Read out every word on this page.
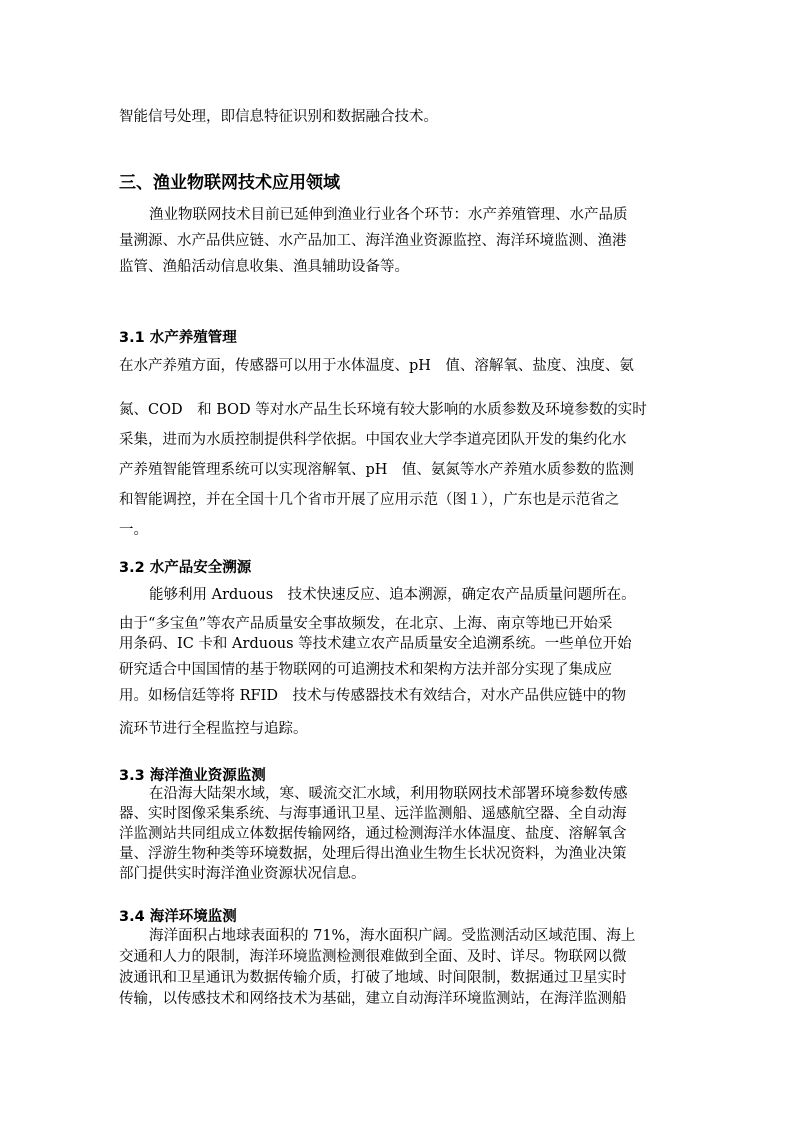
智能信号处理，即信息特征识别和数据融合技术。
三、渔业物联网技术应用领域
渔业物联网技术目前已延伸到渔业行业各个环节：水产养殖管理、水产品质
量溯源、水产品供应链、水产品加工、海洋渔业资源监控、海洋环境监测、渔港
监管、渔船活动信息收集、渔具辅助设备等。
3.1 水产养殖管理
在水产养殖方面，传感器可以用于水体温度、pH　值、溶解氧、盐度、浊度、氨
氮、COD　和 BOD 等对水产品生长环境有较大影响的水质参数及环境参数的实时
采集，进而为水质控制提供科学依据。中国农业大学李道亮团队开发的集约化水
产养殖智能管理系统可以实现溶解氧、pH　值、氨氮等水产养殖水质参数的监测
和智能调控，并在全国十几个省市开展了应用示范（图１），广东也是示范省之
一。
3.2 水产品安全溯源
能够利用 Arduous　技术快速反应、追本溯源，确定农产品质量问题所在。
由于“多宝鱼”等农产品质量安全事故频发，在北京、上海、南京等地已开始采
用条码、IC 卡和 Arduous 等技术建立农产品质量安全追溯系统。一些单位开始
研究适合中国国情的基于物联网的可追溯技术和架构方法并部分实现了集成应
用。如杨信廷等将 RFID　技术与传感器技术有效结合，对水产品供应链中的物
流环节进行全程监控与追踪。
3.3 海洋渔业资源监测
在沿海大陆架水域，寒、暖流交汇水域，利用物联网技术部署环境参数传感
器、实时图像采集系统、与海事通讯卫星、远洋监测船、遥感航空器、全自动海
洋监测站共同组成立体数据传输网络，通过检测海洋水体温度、盐度、溶解氧含
量、浮游生物种类等环境数据，处理后得出渔业生物生长状况资料，为渔业决策
部门提供实时海洋渔业资源状况信息。
3.4 海洋环境监测
海洋面积占地球表面积的 71%，海水面积广阔。受监测活动区域范围、海上
交通和人力的限制，海洋环境监测检测很难做到全面、及时、详尽。物联网以微
波通讯和卫星通讯为数据传输介质，打破了地域、时间限制，数据通过卫星实时
传输，以传感技术和网络技术为基础，建立自动海洋环境监测站，在海洋监测船
